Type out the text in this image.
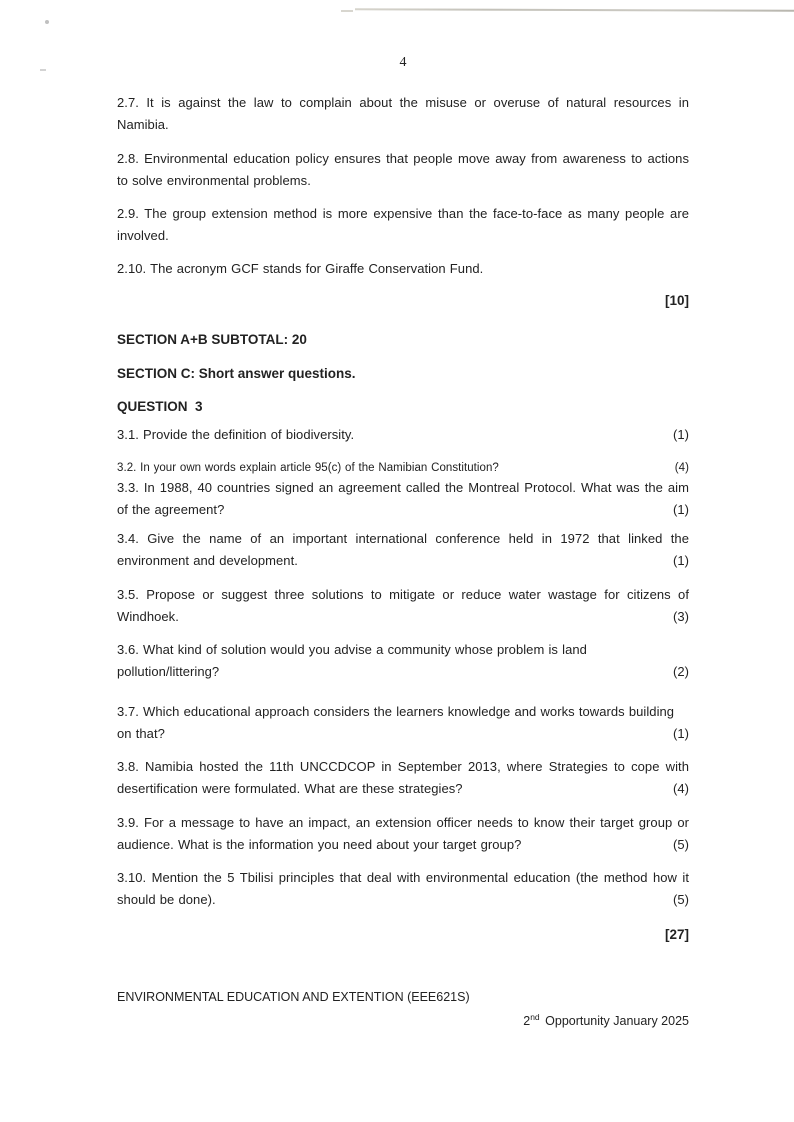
4

2.7. It is against the law to complain about the misuse or overuse of natural resources in Namibia.

2.8. Environmental education policy ensures that people move away from awareness to actions to solve environmental problems.

2.9. The group extension method is more expensive than the face-to-face as many people are involved.

2.10. The acronym GCF stands for Giraffe Conservation Fund.

[10]
SECTION A+B SUBTOTAL: 20
SECTION C: Short answer questions.
QUESTION  3
3.1. Provide the definition of biodiversity.	(1)
3.2. In your own words explain article 95(c) of the Namibian Constitution?	(4)
3.3. In 1988, 40 countries signed an agreement called the Montreal Protocol. What was the aim of the agreement?	(1)
3.4. Give the name of an important international conference held in 1972 that linked the environment and development.	(1)
3.5. Propose or suggest three solutions to mitigate or reduce water wastage for citizens of Windhoek.	(3)
3.6. What kind of solution would you advise a community whose problem is land pollution/littering?	(2)
3.7. Which educational approach considers the learners knowledge and works towards building on that?	(1)
3.8. Namibia hosted the 11th UNCCDCOP in September 2013, where Strategies to cope with desertification were formulated. What are these strategies?	(4)
3.9. For a message to have an impact, an extension officer needs to know their target group or audience. What is the information you need about your target group?	(5)
3.10. Mention the 5 Tbilisi principles that deal with environmental education (the method how it should be done).	(5)
[27]
ENVIRONMENTAL EDUCATION AND EXTENTION (EEE621S)
2nd Opportunity January 2025
